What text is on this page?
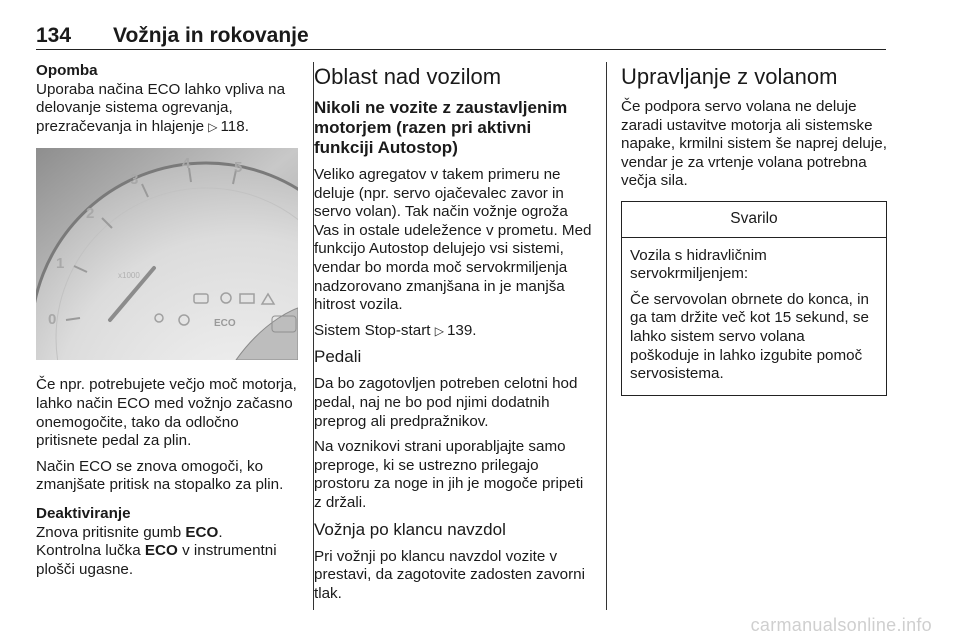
134 Vožnja in rokovanje

Opomba

Uporaba načina ECO lahko vpliva na delovanje sistema ogrevanja, prezračevanja in hlajenje ▷ 118.

0
1
2
3
4	5
x1000
ECO

Če npr. potrebujete večjo moč motorja, lahko način ECO med vožnjo začasno onemogočite, tako da odločno pritisnete pedal za plin.

Način ECO se znova omogoči, ko zmanjšate pritisk na stopalko za plin.

Deaktiviranje

Znova pritisnite gumb ECO.
Kontrolna lučka ECO v instrumentni plošči ugasne.

Oblast nad vozilom
Nikoli ne vozite z zaustavljenim motorjem (razen pri aktivni funkciji Autostop)

Veliko agregatov v takem primeru ne deluje (npr. servo ojačevalec zavor in servo volan). Tak način vožnje ogroža Vas in ostale udeležence v prometu. Med funkcijo Autostop delujejo vsi sistemi, vendar bo morda moč servokrmiljenja nadzorovano zmanjšana in je manjša hitrost vozila.

Sistem Stop-start ▷ 139.

Pedali

Da bo zagotovljen potreben celotni hod pedal, naj ne bo pod njimi dodatnih preprog ali predpražnikov.

Na voznikovi strani uporabljajte samo preproge, ki se ustrezno prilegajo prostoru za noge in jih je mogoče pripeti z držali.

Vožnja po klancu navzdol

Pri vožnji po klancu navzdol vozite v prestavi, da zagotovite zadosten zavorni tlak.

Upravljanje z volanom

Če podpora servo volana ne deluje zaradi ustavitve motorja ali sistemske napake, krmilni sistem še naprej deluje, vendar je za vrtenje volana potrebna večja sila.

Svarilo

Vozila s hidravličnim servokrmiljenjem:

Če servovolan obrnete do konca, in ga tam držite več kot 15 sekund, se lahko sistem servo volana poškoduje in lahko izgubite pomoč servosistema.

carmanualsonline.info
